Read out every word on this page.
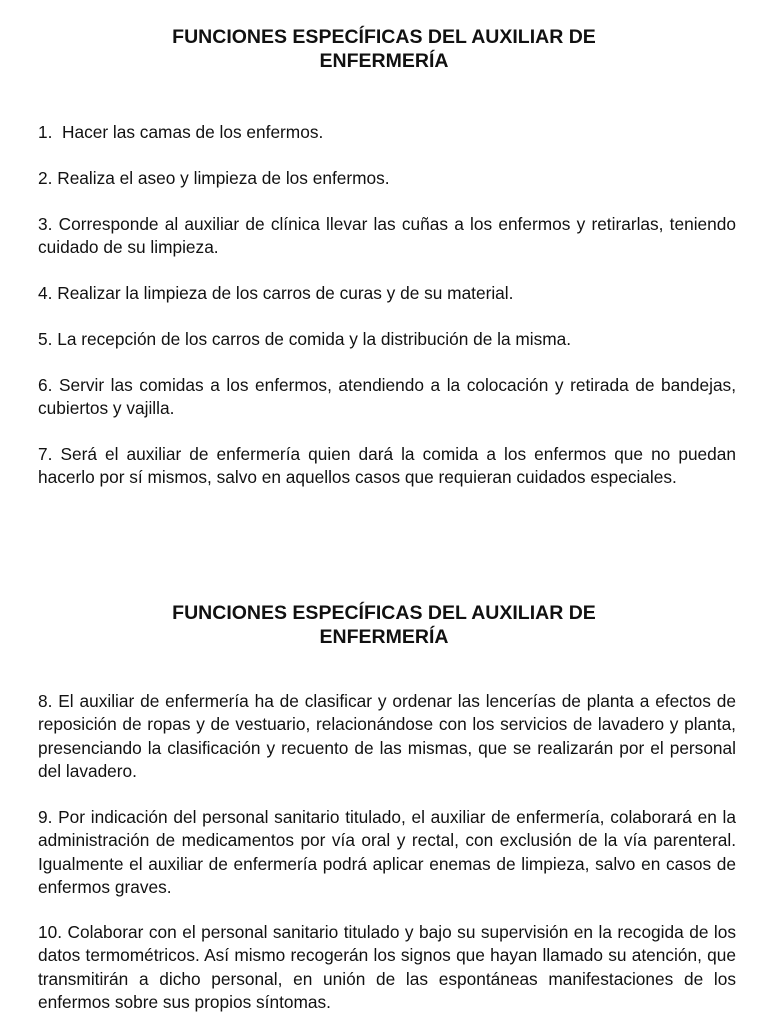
FUNCIONES ESPECÍFICAS DEL AUXILIAR DE
ENFERMERÍA

1.  Hacer las camas de los enfermos.

2. Realiza el aseo y limpieza de los enfermos.

3. Corresponde al auxiliar de clínica llevar las cuñas a los enfermos y retirarlas, teniendo cuidado de su limpieza.

4. Realizar la limpieza de los carros de curas y de su material.

5. La recepción de los carros de comida y la distribución de la misma.

6. Servir las comidas a los enfermos, atendiendo a la colocación y retirada de bandejas, cubiertos y vajilla.

7. Será el auxiliar de enfermería quien dará la comida a los enfermos que no puedan hacerlo por sí mismos, salvo en aquellos casos que requieran cuidados especiales.

FUNCIONES ESPECÍFICAS DEL AUXILIAR DE
ENFERMERÍA

8. El auxiliar de enfermería ha de clasificar y ordenar las lencerías de planta a efectos de reposición de ropas y de vestuario, relacionándose con los servicios de lavadero y planta, presenciando la clasificación y recuento de las mismas, que se realizarán por el personal del lavadero.

9. Por indicación del personal sanitario titulado, el auxiliar de enfermería, colaborará en la administración de medicamentos por vía oral y rectal, con exclusión de la vía parenteral. Igualmente el auxiliar de enfermería podrá aplicar enemas de limpieza, salvo en casos de enfermos graves.

10. Colaborar con el personal sanitario titulado y bajo su supervisión en la recogida de los datos termométricos. Así mismo recogerán los signos que hayan llamado su atención, que transmitirán a dicho personal, en unión de las espontáneas manifestaciones de los enfermos sobre sus propios síntomas.
